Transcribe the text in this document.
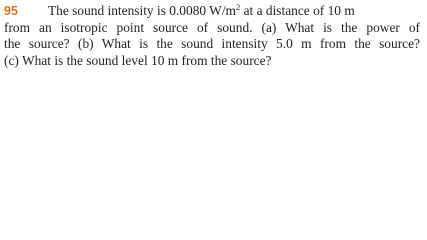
95 The sound intensity is 0.0080 $W/m^2$ at a distance of 10 m
from an isotropic point source of sound. (a) What is the power of
the source? (b) What is the sound intensity 5.0 m from the source?
(c) What is the sound level 10 m from the source?
